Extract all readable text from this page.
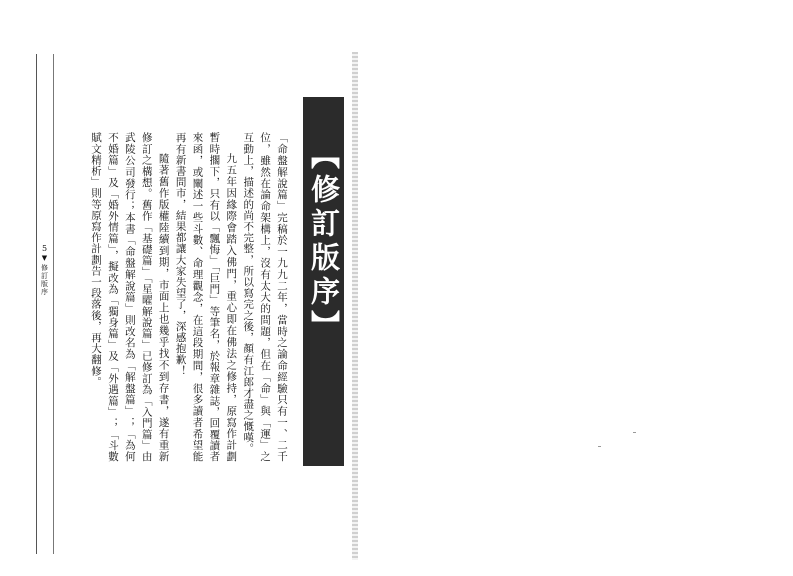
5
▼
修訂版序	【修訂版序】

「命盤解說篇」完稿於一九九二年，當時之論命經驗只有一、二千位，雖然在論命架構上，沒有太大的問題，但在「命」與「運」之互動上，描述的尚不完整，所以寫完之後，顏有江郎才盡之慨嘆。

九五年因緣際會踏入佛門，重心即在佛法之修持，原寫作計劃暫時擱下，只有以「飄悔」「巨門」等筆名，於報章雜誌，回覆讀者來函，或闡述一些斗數、命理觀念，在這段期間，很多讀者希望能再有新書問市，結果都讓大家失望了，深感抱歉！

隨著舊作版權陸續到期，市面上也幾乎找不到存書，遂有重新修訂之構想。舊作「基礎篇」「星曜解說篇」已修訂為「入門篇」由武陵公司發行；本書「命盤解說篇」則改名為「解盤篇」；「為何不婚篇」及「婚外情篇」，擬改為「獨身篇」及「外遇篇」；「斗數賦文精析」則等原寫作計劃告一段落後，再大翻修。
